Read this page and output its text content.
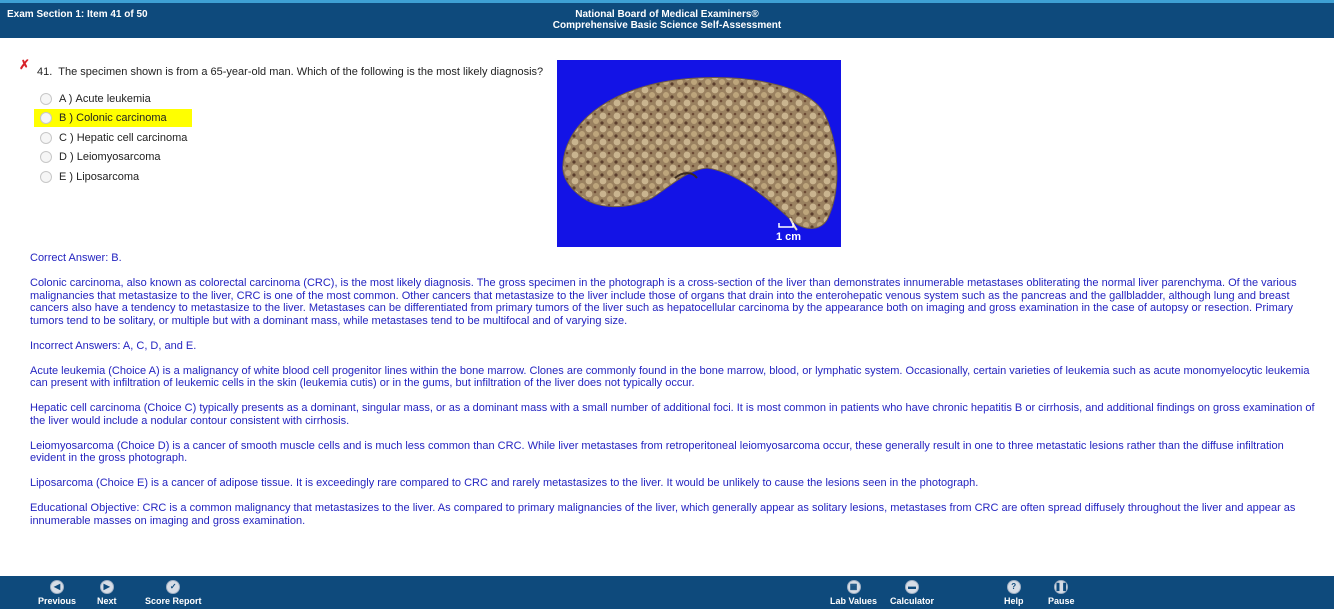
Exam Section 1: Item 41 of 50	National Board of Medical Examiners®
Comprehensive Basic Science Self-Assessment
✗ 41. The specimen shown is from a 65-year-old man. Which of the following is the most likely diagnosis?
A )
Acute leukemia
B )
Colonic carcinoma
C )
Hepatic cell carcinoma
D )
Leiomyosarcoma
E )
Liposarcoma
1 cm

Correct Answer: B.

Colonic carcinoma, also known as colorectal carcinoma (CRC), is the most likely diagnosis. The gross specimen in the photograph is a cross-section of the liver than demonstrates innumerable metastases obliterating the normal liver parenchyma. Of the various malignancies that metastasize to the liver, CRC is one of the most common. Other cancers that metastasize to the liver include those of organs that drain into the enterohepatic venous system such as the pancreas and the gallbladder, although lung and breast cancers also have a tendency to metastasize to the liver. Metastases can be differentiated from primary tumors of the liver such as hepatocellular carcinoma by the appearance both on imaging and gross examination in the case of autopsy or resection. Primary tumors tend to be solitary, or multiple but with a dominant mass, while metastases tend to be multifocal and of varying size.

Incorrect Answers: A, C, D, and E.

Acute leukemia (Choice A) is a malignancy of white blood cell progenitor lines within the bone marrow. Clones are commonly found in the bone marrow, blood, or lymphatic system. Occasionally, certain varieties of leukemia such as acute monomyelocytic leukemia can present with infiltration of leukemic cells in the skin (leukemia cutis) or in the gums, but infiltration of the liver does not typically occur.

Hepatic cell carcinoma (Choice C) typically presents as a dominant, singular mass, or as a dominant mass with a small number of additional foci. It is most common in patients who have chronic hepatitis B or cirrhosis, and additional findings on gross examination of the liver would include a nodular contour consistent with cirrhosis.

Leiomyosarcoma (Choice D) is a cancer of smooth muscle cells and is much less common than CRC. While liver metastases from retroperitoneal leiomyosarcoma occur, these generally result in one to three metastatic lesions rather than the diffuse infiltration evident in the gross photograph.

Liposarcoma (Choice E) is a cancer of adipose tissue. It is exceedingly rare compared to CRC and rarely metastasizes to the liver. It would be unlikely to cause the lesions seen in the photograph.

Educational Objective: CRC is a common malignancy that metastasizes to the liver. As compared to primary malignancies of the liver, which generally appear as solitary lesions, metastases from CRC are often spread diffusely throughout the liver and appear as innumerable masses on imaging and gross examination.

◀
Previous
▶
Next
✓
Score Report
▦
Lab Values
▬
Calculator
?
Help
❚❚
Pause
